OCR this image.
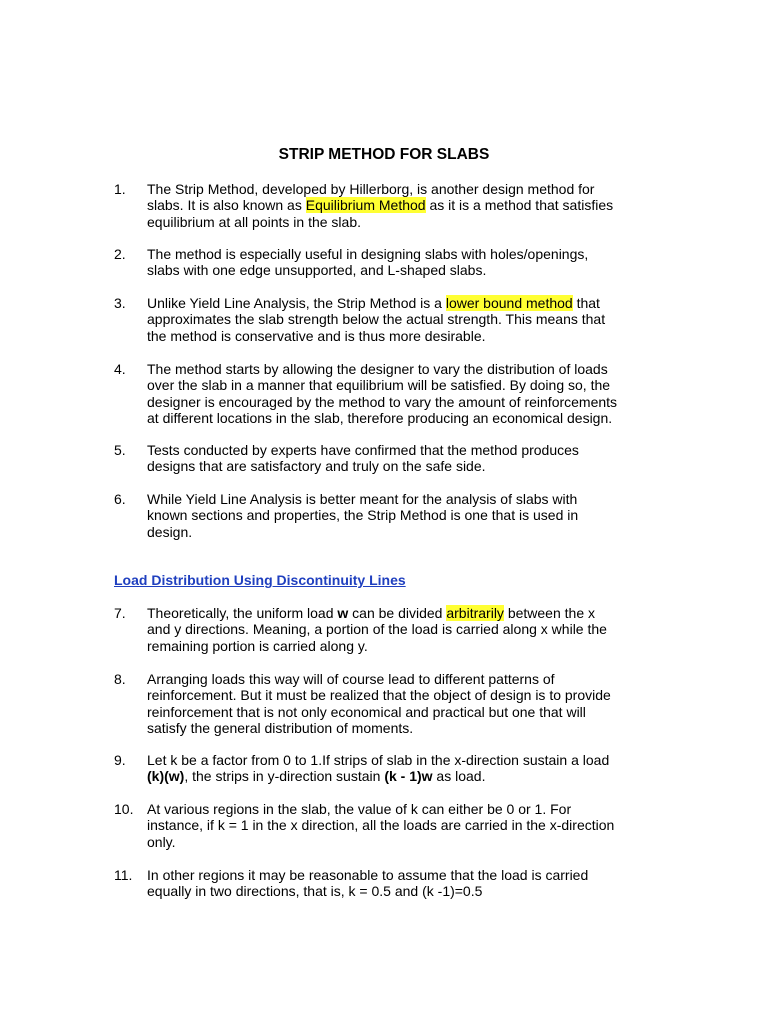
STRIP METHOD FOR SLABS
1. The Strip Method, developed by Hillerborg, is another design method for
slabs. It is also known as Equilibrium Method as it is a method that satisfies
equilibrium at all points in the slab.
2. The method is especially useful in designing slabs with holes/openings,
slabs with one edge unsupported, and L-shaped slabs.
3. Unlike Yield Line Analysis, the Strip Method is a lower bound method that
approximates the slab strength below the actual strength. This means that
the method is conservative and is thus more desirable.
4. The method starts by allowing the designer to vary the distribution of loads
over the slab in a manner that equilibrium will be satisfied. By doing so, the
designer is encouraged by the method to vary the amount of reinforcements
at different locations in the slab, therefore producing an economical design.
5. Tests conducted by experts have confirmed that the method produces
designs that are satisfactory and truly on the safe side.
6. While Yield Line Analysis is better meant for the analysis of slabs with
known sections and properties, the Strip Method is one that is used in
design.
Load Distribution Using Discontinuity Lines
7. Theoretically, the uniform load w can be divided arbitrarily between the x
and y directions. Meaning, a portion of the load is carried along x while the
remaining portion is carried along y.
8. Arranging loads this way will of course lead to different patterns of
reinforcement. But it must be realized that the object of design is to provide
reinforcement that is not only economical and practical but one that will
satisfy the general distribution of moments.
9. Let k be a factor from 0 to 1.If strips of slab in the x-direction sustain a load
(k)(w), the strips in y-direction sustain (k - 1)w as load.
10. At various regions in the slab, the value of k can either be 0 or 1. For
instance, if k = 1 in the x direction, all the loads are carried in the x-direction
only.
11. In other regions it may be reasonable to assume that the load is carried
equally in two directions, that is, k = 0.5 and (k -1)=0.5
